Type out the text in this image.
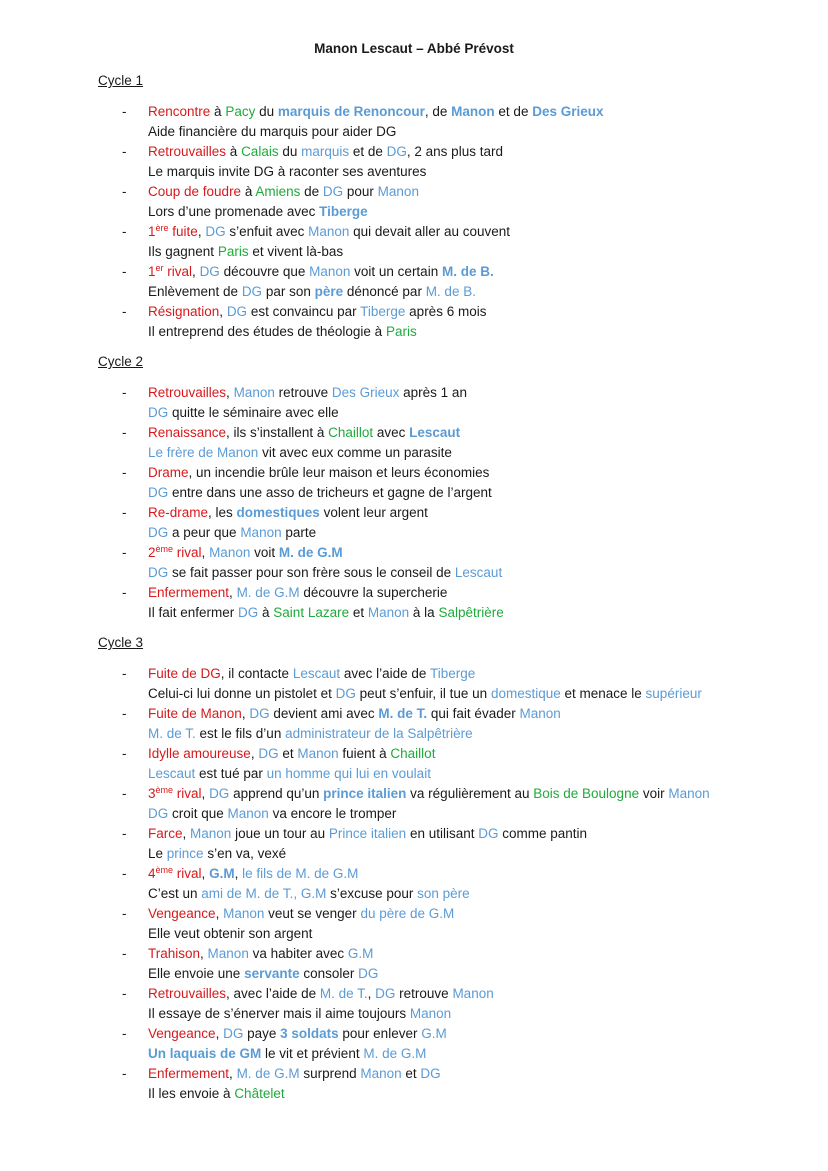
Manon Lescaut – Abbé Prévost
Cycle 1
- Rencontre à Pacy du marquis de Renoncour, de Manon et de Des Grieux
Aide financière du marquis pour aider DG
- Retrouvailles à Calais du marquis et de DG, 2 ans plus tard
Le marquis invite DG à raconter ses aventures
- Coup de foudre à Amiens de DG pour Manon
Lors d’une promenade avec Tiberge
- 1ère fuite, DG s’enfuit avec Manon qui devait aller au couvent
Ils gagnent Paris et vivent là-bas
- 1er rival, DG découvre que Manon voit un certain M. de B.
Enlèvement de DG par son père dénoncé par M. de B.
- Résignation, DG est convaincu par Tiberge après 6 mois
Il entreprend des études de théologie à Paris
Cycle 2
- Retrouvailles, Manon retrouve Des Grieux après 1 an
DG quitte le séminaire avec elle
- Renaissance, ils s’installent à Chaillot avec Lescaut
Le frère de Manon vit avec eux comme un parasite
- Drame, un incendie brûle leur maison et leurs économies
DG entre dans une asso de tricheurs et gagne de l’argent
- Re-drame, les domestiques volent leur argent
DG a peur que Manon parte
- 2ème rival, Manon voit M. de G.M
DG se fait passer pour son frère sous le conseil de Lescaut
- Enfermement, M. de G.M découvre la supercherie
Il fait enfermer DG à Saint Lazare et Manon à la Salpêtrière
Cycle 3
- Fuite de DG, il contacte Lescaut avec l’aide de Tiberge
Celui-ci lui donne un pistolet et DG peut s’enfuir, il tue un domestique et menace le supérieur
- Fuite de Manon, DG devient ami avec M. de T. qui fait évader Manon
M. de T. est le fils d’un administrateur de la Salpêtrière
- Idylle amoureuse, DG et Manon fuient à Chaillot
Lescaut est tué par un homme qui lui en voulait
- 3ème rival, DG apprend qu’un prince italien va régulièrement au Bois de Boulogne voir Manon
DG croit que Manon va encore le tromper
- Farce, Manon joue un tour au Prince italien en utilisant DG comme pantin
Le prince s’en va, vexé
- 4ème rival, G.M, le fils de M. de G.M
C’est un ami de M. de T., G.M s’excuse pour son père
- Vengeance, Manon veut se venger du père de G.M
Elle veut obtenir son argent
- Trahison, Manon va habiter avec G.M
Elle envoie une servante consoler DG
- Retrouvailles, avec l’aide de M. de T., DG retrouve Manon
Il essaye de s’énerver mais il aime toujours Manon
- Vengeance, DG paye 3 soldats pour enlever G.M
Un laquais de GM le vit et prévient M. de G.M
- Enfermement, M. de G.M surprend Manon et DG
Il les envoie à Châtelet
